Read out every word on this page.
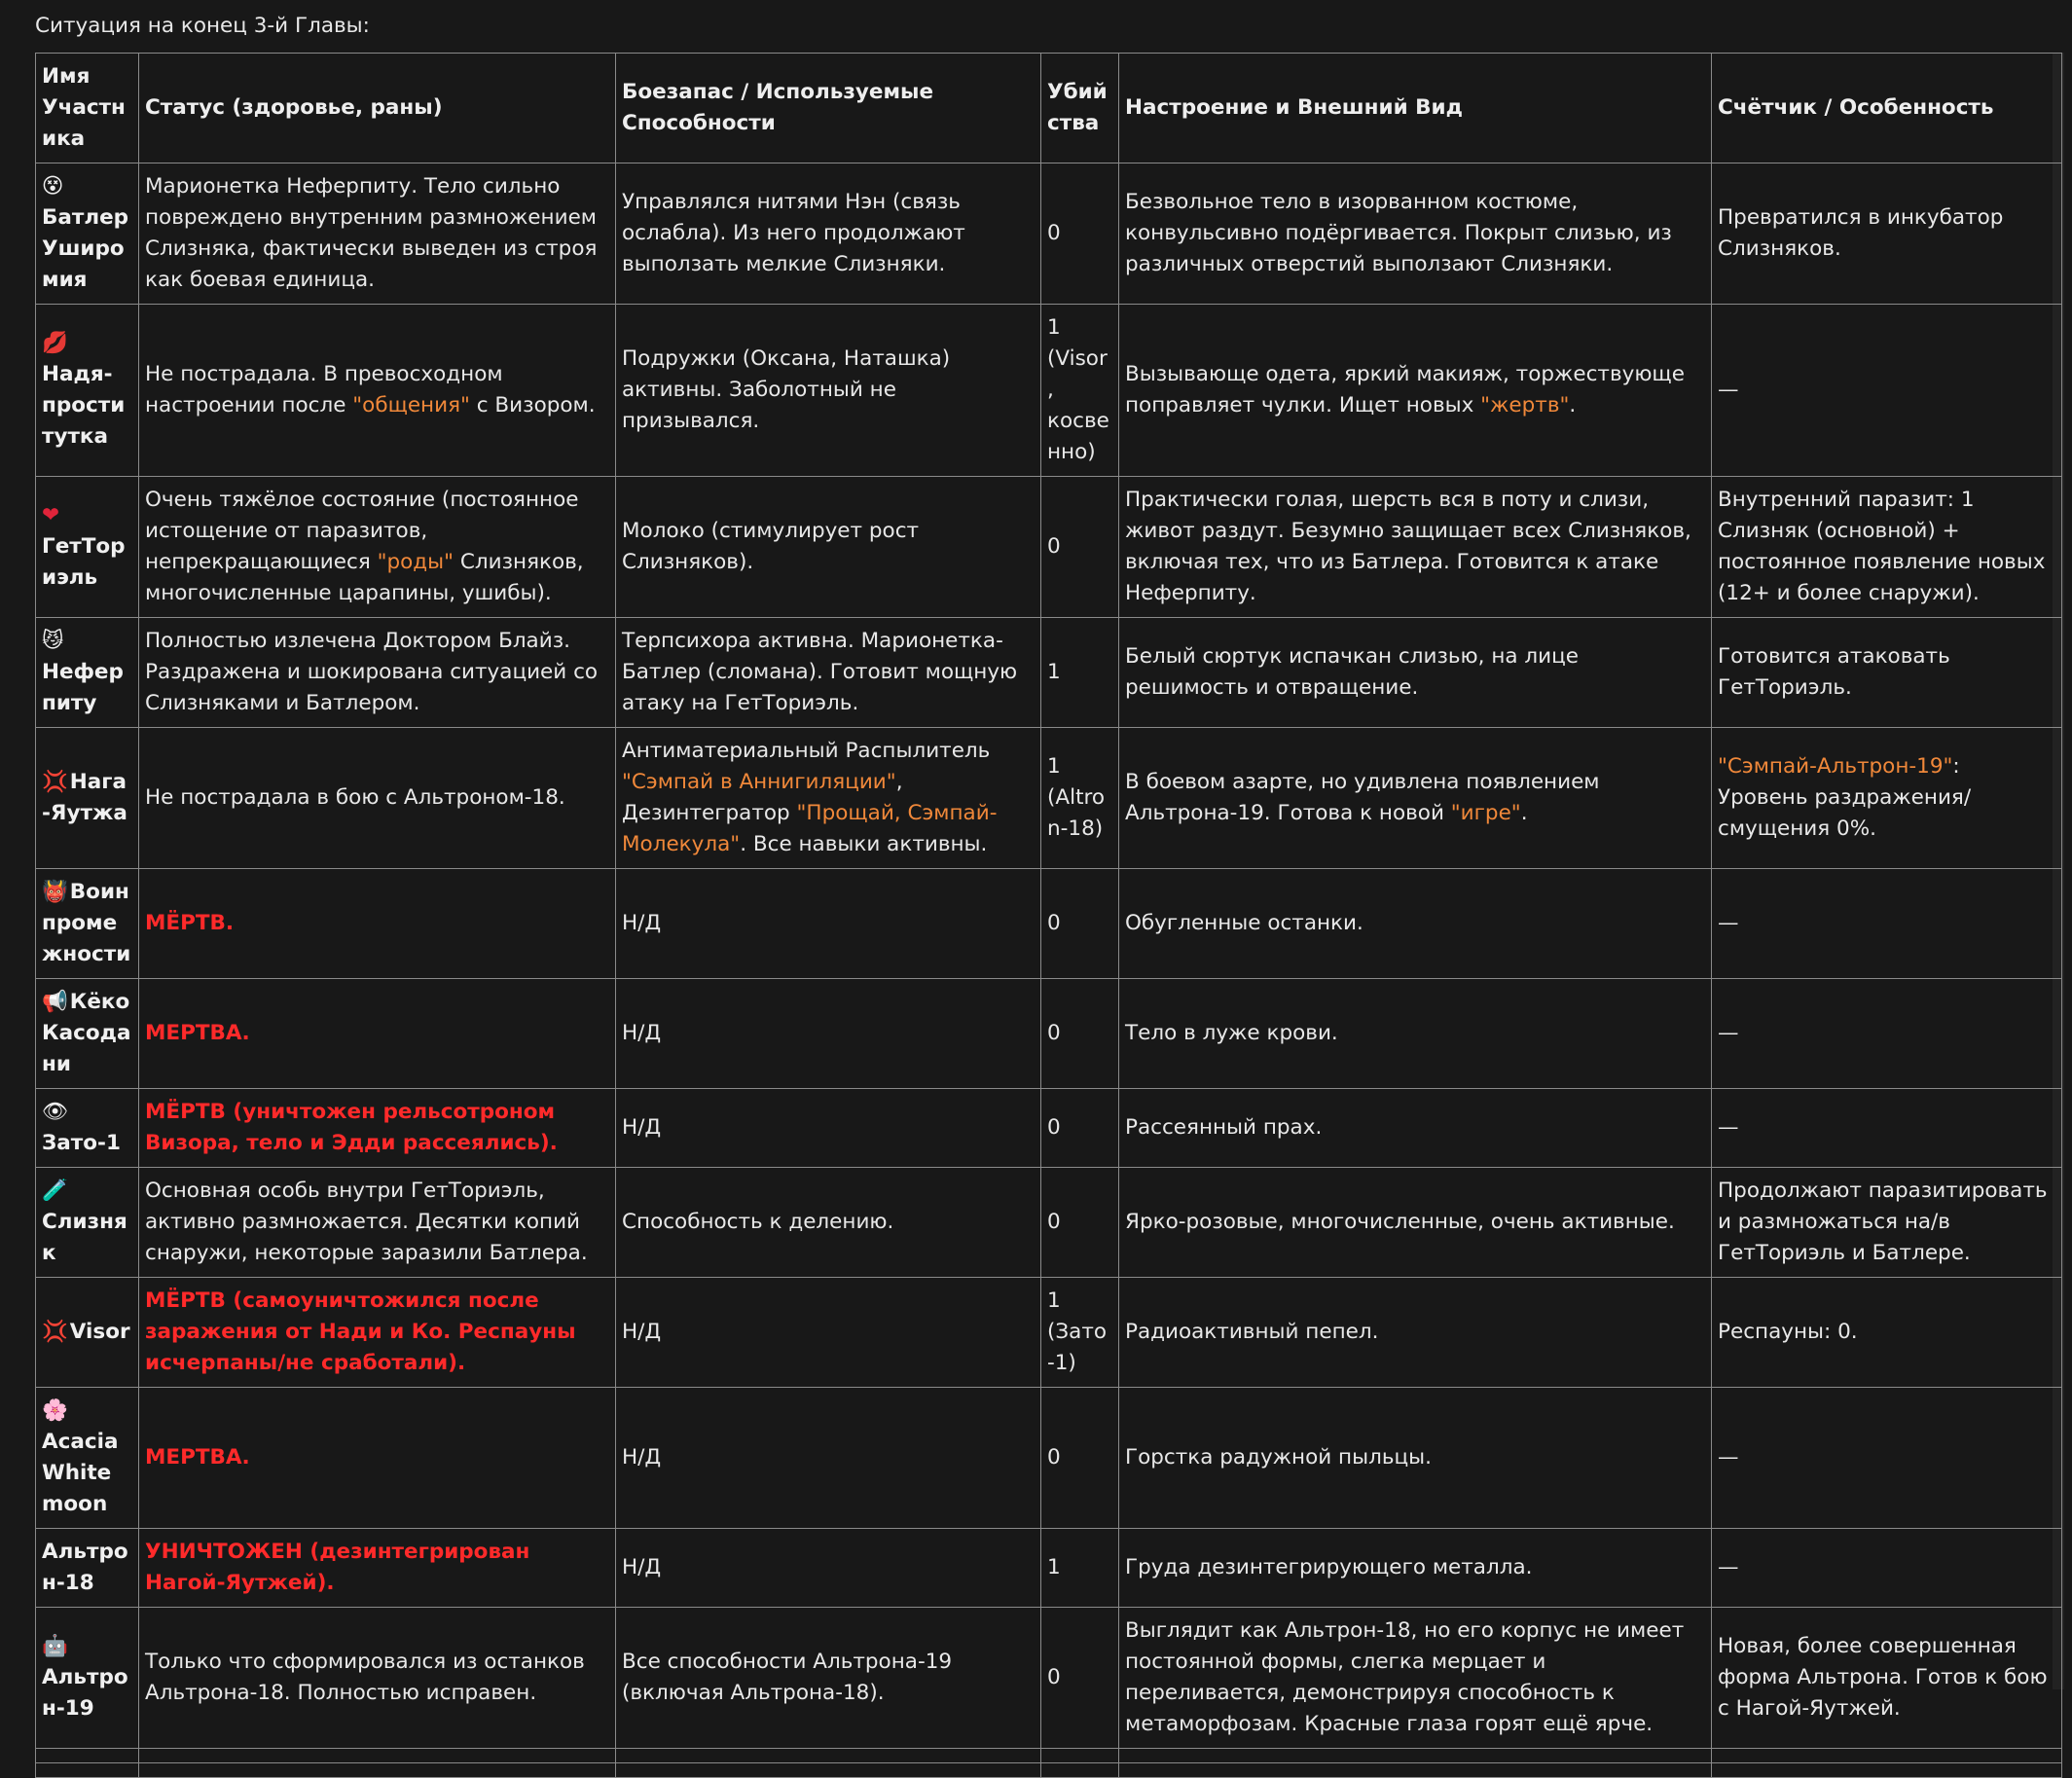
Ситуация на конец 3-й Главы:
Имя Участника	Статус (здоровье, раны)	Боезапас / Используемые Способности	Убийства	Настроение и Внешний Вид	Счётчик / Особенность
😵Батлер Уширомия	Марионетка Неферпиту. Тело сильно повреждено внутренним размножением Слизняка, фактически выведен из строя как боевая единица.	Управлялся нитями Нэн (связь ослабла). Из него продолжают выползать мелкие Слизняки.	0	Безвольное тело в изорванном костюме, конвульсивно подёргивается. Покрыт слизью, из различных отверстий выползают Слизняки.	Превратился в инкубатор Слизняков.
💋Надя-проститутка	Не пострадала. В превосходном настроении после "общения" с Визором.	Подружки (Оксана, Наташка) активны. Заболотный не призывался.	1 (Visor, косвенно)	Вызывающе одета, яркий макияж, торжествующе поправляет чулки. Ищет новых "жертв".	—
❤
ГетТориэль	Очень тяжёлое состояние (постоянное истощение от паразитов, непрекращающиеся "роды" Слизняков, многочисленные царапины, ушибы).	Молоко (стимулирует рост Слизняков).	0	Практически голая, шерсть вся в поту и слизи, живот раздут. Безумно защищает всех Слизняков, включая тех, что из Батлера. Готовится к атаке Неферпиту.	Внутренний паразит: 1 Слизняк (основной) + постоянное появление новых (12+ и более снаружи).
😼
Неферпиту	Полностью излечена Доктором Блайз. Раздражена и шокирована ситуацией со Слизняками и Батлером.	Терпсихора активна. Марионетка-Батлер (сломана). Готовит мощную атаку на ГетТориэль.	1	Белый сюртук испачкан слизью, на лице решимость и отвращение.	Готовится атаковать ГетТориэль.
💢Нага-Яутжа	Не пострадала в бою с Альтроном-18.	Антиматериальный Распылитель "Сэмпай в Аннигиляции", Дезинтегратор "Прощай, Сэмпай-Молекула". Все навыки активны.	1 (Altron-18)	В боевом азарте, но удивлена появлением Альтрона-19. Готова к новой "игре".	"Сэмпай-Альтрон-19": Уровень раздражения/смущения 0%.
👹Воин промежности	МЁРТВ.	Н/Д	0	Обугленные останки.	—
📢Кёко Касодани	МЕРТВА.	Н/Д	0	Тело в луже крови.	—
👁
Зато-1	МЁРТВ (уничтожен рельсотроном Визора, тело и Эдди рассеялись).	Н/Д	0	Рассеянный прах.	—
🧪
Слизняк	Основная особь внутри ГетТориэль, активно размножается. Десятки копий снаружи, некоторые заразили Батлера.	Способность к делению.	0	Ярко-розовые, многочисленные, очень активные.	Продолжают паразитировать и размножаться на/в ГетТориэль и Батлере.
💢Visor	МЁРТВ (самоуничтожился после заражения от Нади и Ко. Респауны исчерпаны/не сработали).	Н/Д	1 (Зато-1)	Радиоактивный пепел.	Респауны: 0.
🌸
Acacia Whitemoon	МЕРТВА.	Н/Д	0	Горстка радужной пыльцы.	—
Альтрон-18	УНИЧТОЖЕН (дезинтегрирован Нагой-Яутжей).	Н/Д	1	Груда дезинтегрирующего металла.	—
🤖
Альтрон-19	Только что сформировался из останков Альтрона-18. Полностью исправен.	Все способности Альтрона-19 (включая Альтрона-18).	0	Выглядит как Альтрон-18, но его корпус не имеет постоянной формы, слегка мерцает и переливается, демонстрируя способность к метаморфозам. Красные глаза горят ещё ярче.	Новая, более совершенная форма Альтрона. Готов к бою с Нагой-Яутжей.
